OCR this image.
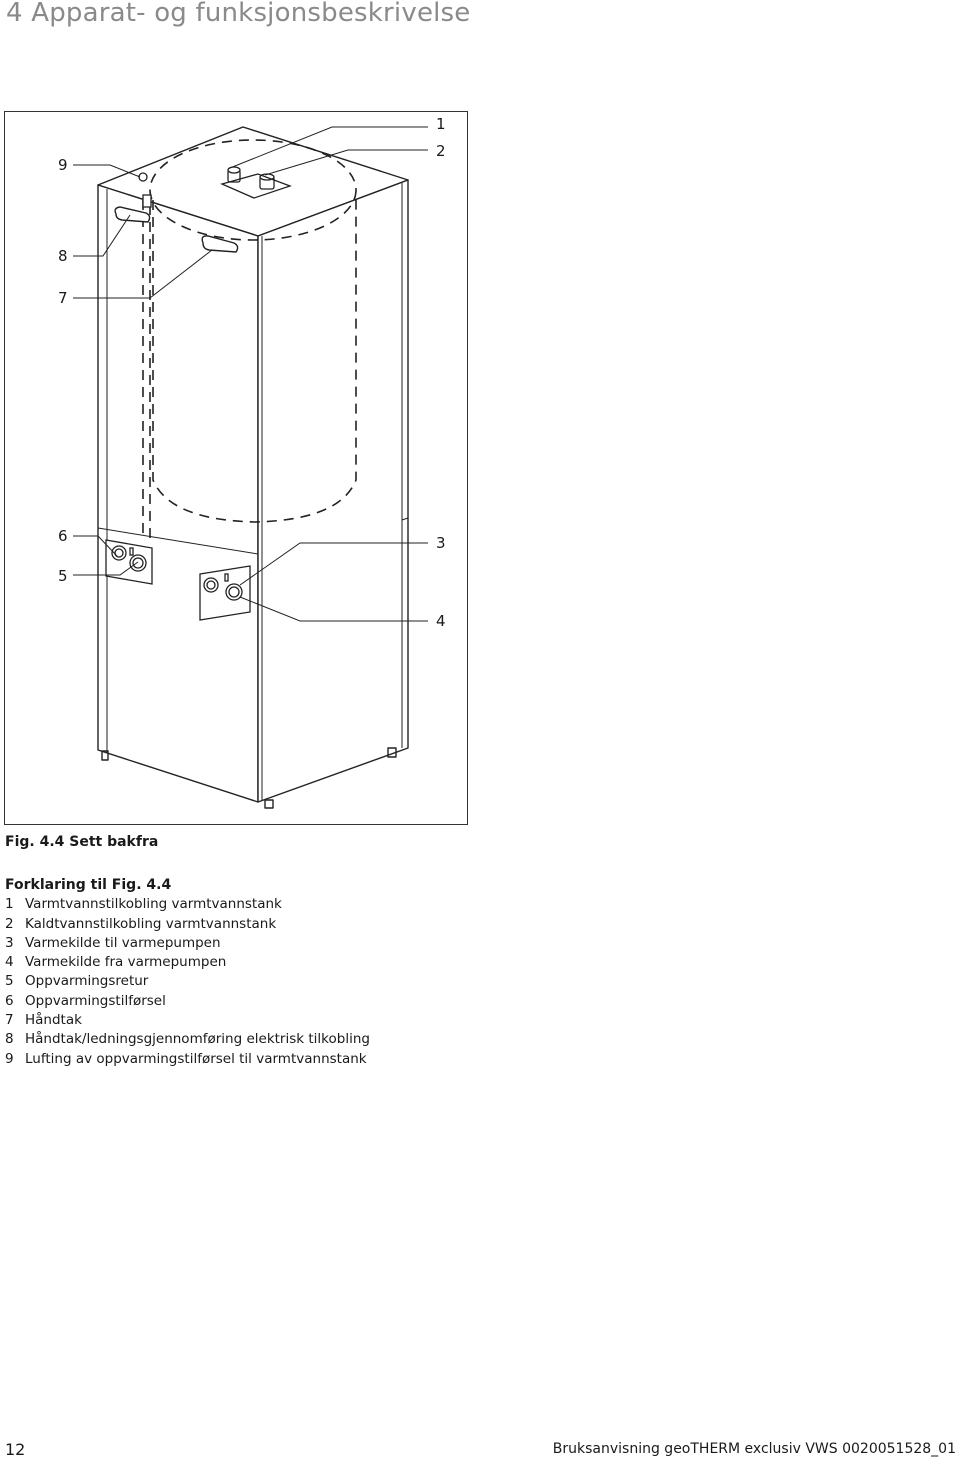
4 Apparat- og funksjonsbeskrivelse
1
2
3
4
5
6
7
8
9
Fig. 4.4 Sett bakfra
Forklaring til Fig. 4.4
1 Varmtvannstilkobling varmtvannstank
2 Kaldtvannstilkobling varmtvannstank
3 Varmekilde til varmepumpen
4 Varmekilde fra varmepumpen
5 Oppvarmingsretur
6 Oppvarmingstilførsel
7 Håndtak
8 Håndtak/ledningsgjennomføring elektrisk tilkobling
9 Lufting av oppvarmingstilførsel til varmtvannstank
12	Bruksanvisning geoTHERM exclusiv VWS 0020051528_01
